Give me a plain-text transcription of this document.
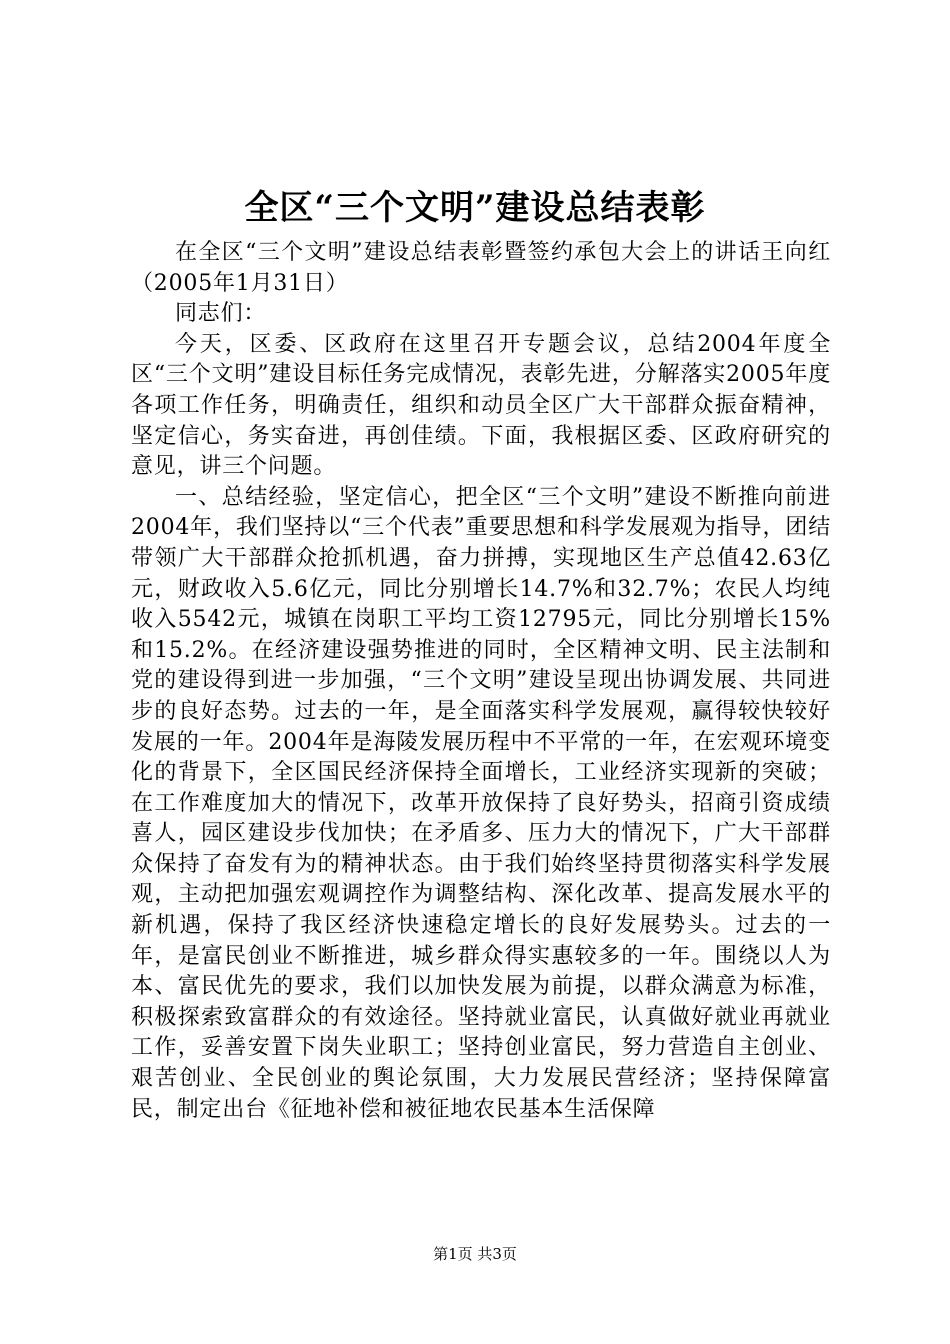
全区“三个文明”建设总结表彰

在全区“三个文明”建设总结表彰暨签约承包大会上的讲话王向红（2005年1月31日）

同志们：

今天，区委、区政府在这里召开专题会议，总结2004年度全区“三个文明”建设目标任务完成情况，表彰先进，分解落实2005年度各项工作任务，明确责任，组织和动员全区广大干部群众振奋精神，坚定信心，务实奋进，再创佳绩。下面，我根据区委、区政府研究的意见，讲三个问题。

一、总结经验，坚定信心，把全区“三个文明”建设不断推向前进2004年，我们坚持以“三个代表”重要思想和科学发展观为指导，团结带领广大干部群众抢抓机遇，奋力拼搏，实现地区生产总值42.63亿元，财政收入5.6亿元，同比分别增长14.7%和32.7%；农民人均纯收入5542元，城镇在岗职工平均工资12795元，同比分别增长15%和15.2%。在经济建设强势推进的同时，全区精神文明、民主法制和党的建设得到进一步加强，“三个文明”建设呈现出协调发展、共同进步的良好态势。过去的一年，是全面落实科学发展观，赢得较快较好发展的一年。2004年是海陵发展历程中不平常的一年，在宏观环境变化的背景下，全区国民经济保持全面增长，工业经济实现新的突破；在工作难度加大的情况下，改革开放保持了良好势头，招商引资成绩喜人，园区建设步伐加快；在矛盾多、压力大的情况下，广大干部群众保持了奋发有为的精神状态。由于我们始终坚持贯彻落实科学发展观，主动把加强宏观调控作为调整结构、深化改革、提高发展水平的新机遇，保持了我区经济快速稳定增长的良好发展势头。过去的一年，是富民创业不断推进，城乡群众得实惠较多的一年。围绕以人为本、富民优先的要求，我们以加快发展为前提，以群众满意为标准，积极探索致富群众的有效途径。坚持就业富民，认真做好就业再就业工作，妥善安置下岗失业职工；坚持创业富民，努力营造自主创业、艰苦创业、全民创业的舆论氛围，大力发展民营经济；坚持保障富民，制定出台《征地补偿和被征地农民基本生活保障

第1页 共3页
